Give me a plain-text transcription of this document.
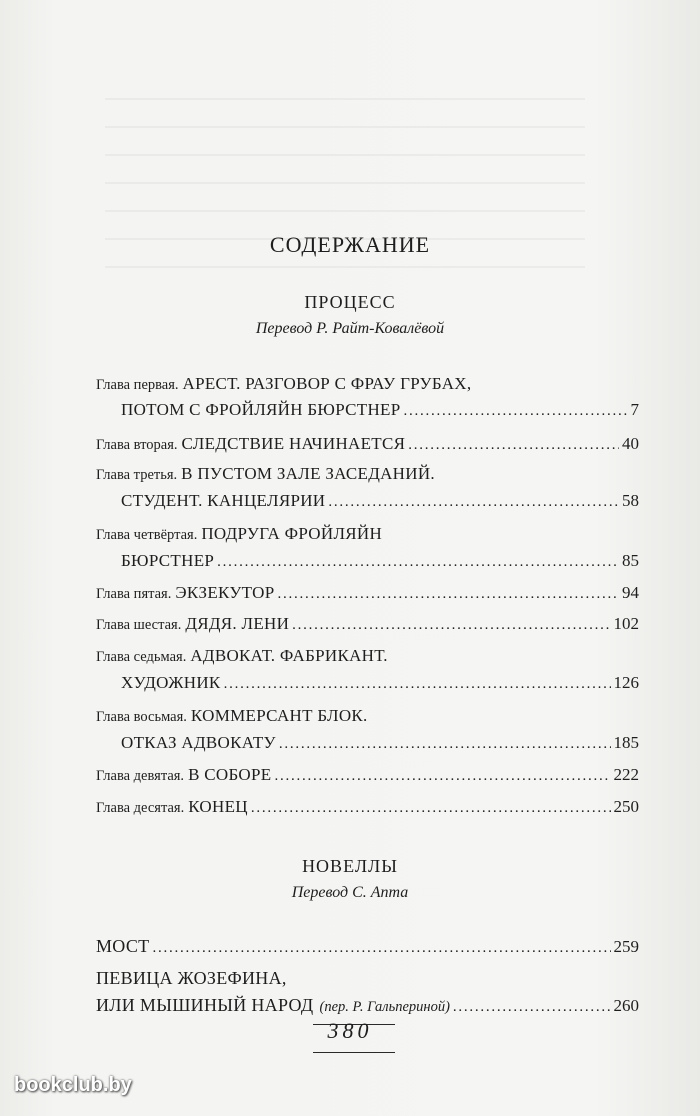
СОДЕРЖАНИЕ
ПРОЦЕСС
Перевод Р. Райт-Ковалёвой
Глава первая.
АРЕСТ. РАЗГОВОР С ФРАУ ГРУБАХ,
ПОТОМ С ФРОЙЛЯЙН БЮРСТНЕР . . .	7
Глава вторая.
СЛЕДСТВИЕ НАЧИНАЕТСЯ . . .	40
Глава третья.
В ПУСТОМ ЗАЛЕ ЗАСЕДАНИЙ.
СТУДЕНТ. КАНЦЕЛЯРИИ . . .	58
Глава четвёртая.
ПОДРУГА ФРОЙЛЯЙН
БЮРСТНЕР . . .	85
Глава пятая.
ЭКЗЕКУТОР . . .	94
Глава шестая.
ДЯДЯ. ЛЕНИ . . .	102
Глава седьмая.
АДВОКАТ. ФАБРИКАНТ.
ХУДОЖНИК . . .	126
Глава восьмая.
КОММЕРСАНТ БЛОК.
ОТКАЗ АДВОКАТУ . . .	185
Глава девятая.
В СОБОРЕ . . .	222
Глава десятая.
КОНЕЦ . . .	250
НОВЕЛЛЫ
Перевод С. Апта
МОСТ . . .	259
ПЕВИЦА ЖОЗЕФИНА,
ИЛИ МЫШИНЫЙ НАРОД (пер. Р. Гальпериной) . . .	260
380
bookclub.by
